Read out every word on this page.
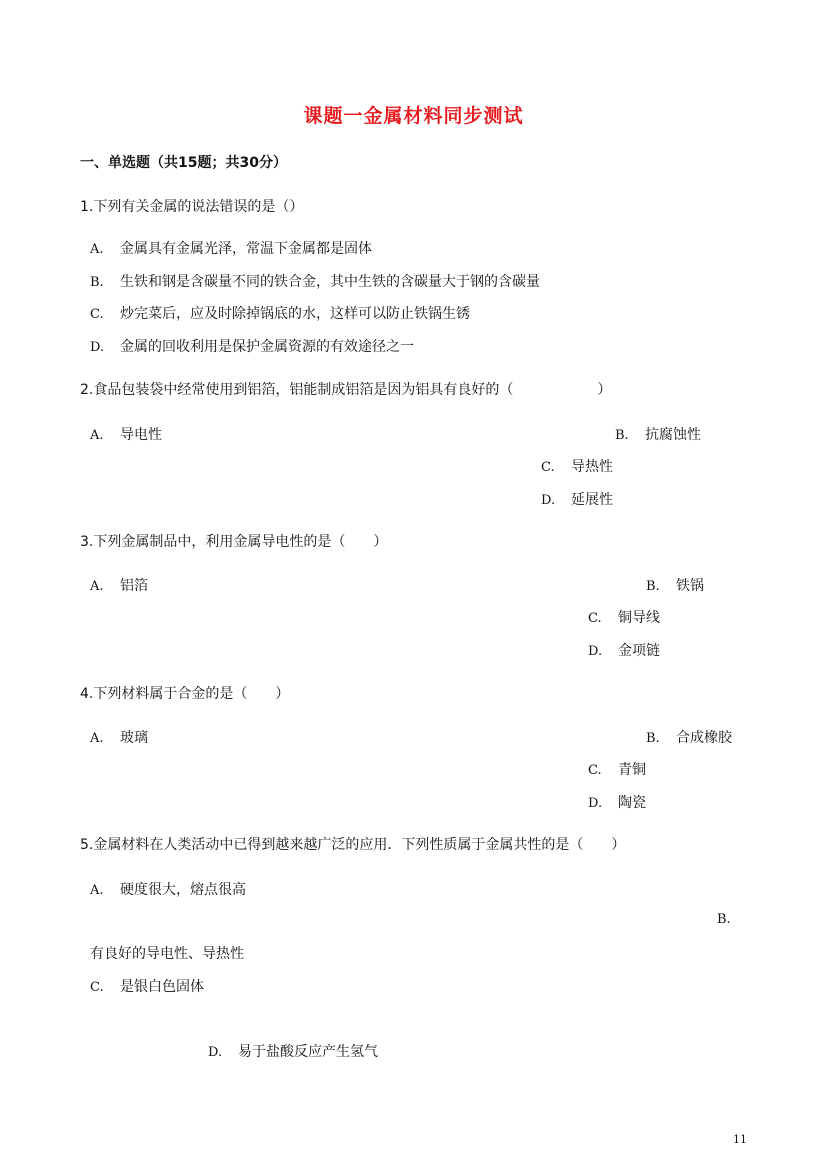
课题一金属材料同步测试
一、单选题（共15题；共30分）
1.下列有关金属的说法错误的是（）
A. 金属具有金属光泽，常温下金属都是固体
B. 生铁和钢是含碳量不同的铁合金，其中生铁的含碳量大于钢的含碳量
C. 炒完菜后，应及时除掉锅底的水，这样可以防止铁锅生锈
D. 金属的回收利用是保护金属资源的有效途径之一
2.食品包装袋中经常使用到铝箔，铝能制成铝箔是因为铝具有良好的（　　　　　　）
A. 导电性	B. 抗腐蚀性
C. 导热性
D. 延展性
3.下列金属制品中，利用金属导电性的是（　　）
A. 铝箔	B. 铁锅
C. 铜导线
D. 金项链
4.下列材料属于合金的是（　　）
A. 玻璃	B. 合成橡胶
C. 青铜
D. 陶瓷
5.金属材料在人类活动中已得到越来越广泛的应用．下列性质属于金属共性的是（　　）
A. 硬度很大，熔点很高
B.
有良好的导电性、导热性
C. 是银白色固体
D. 易于盐酸反应产生氢气
11
